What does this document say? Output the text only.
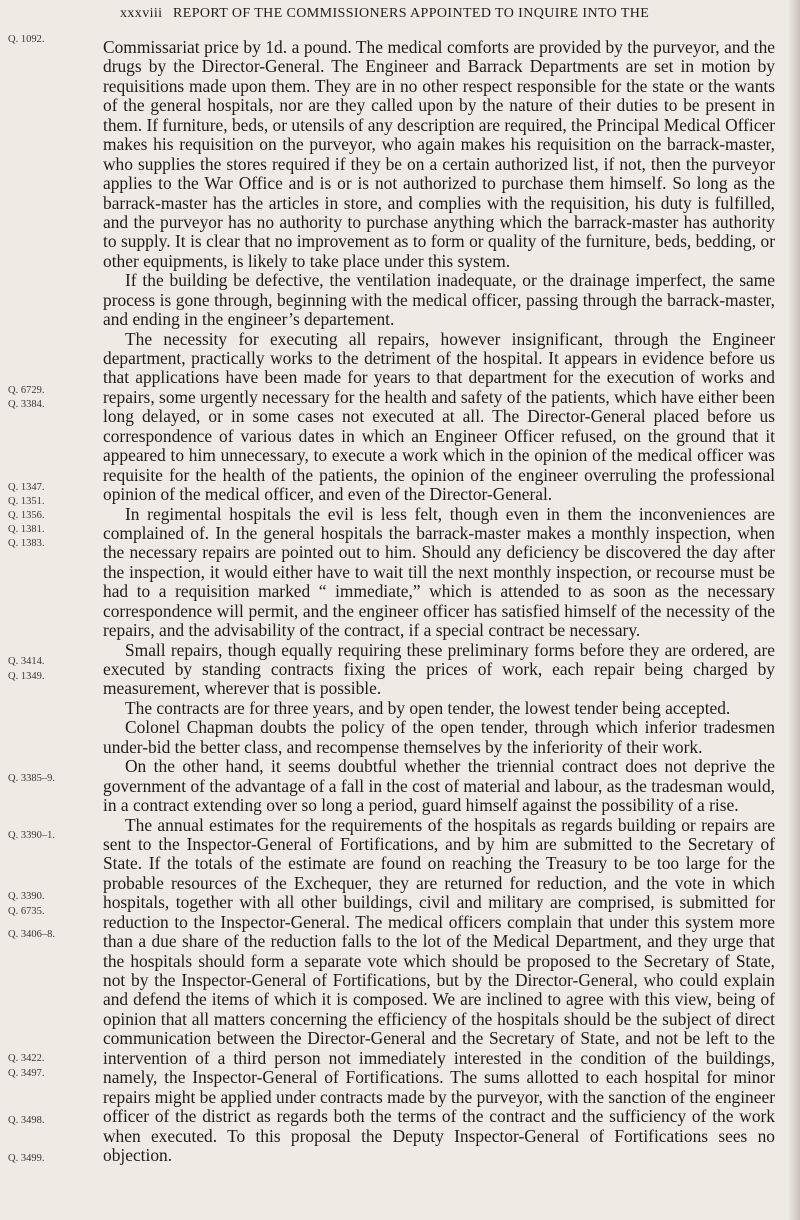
xxxviii REPORT OF THE COMMISSIONERS APPOINTED TO INQUIRE INTO THE
Q. 1092.
Q. 6729.
Q. 3384.
Q. 1347.
Q. 1351.
Q. 1356.
Q. 1381.
Q. 1383.
Q. 3414.
Q. 1349.
Q. 3385–9.
Q. 3390–1.
Q. 3390.
Q. 6735.
Q. 3406–8.
Q. 3422.
Q. 3497.
Q. 3498.
Q. 3499.

Commissariat price by 1d. a pound. The medical comforts are provided by the purveyor, and the drugs by the Director-General. The Engineer and Barrack Departments are set in motion by requisitions made upon them. They are in no other respect responsible for the state or the wants of the general hospitals, nor are they called upon by the nature of their duties to be present in them. If furniture, beds, or utensils of any description are required, the Principal Medical Officer makes his requisition on the purveyor, who again makes his requisition on the barrack-master, who supplies the stores required if they be on a certain authorized list, if not, then the purveyor applies to the War Office and is or is not authorized to purchase them himself. So long as the barrack-master has the articles in store, and complies with the requisition, his duty is fulfilled, and the purveyor has no authority to purchase anything which the barrack-master has authority to supply. It is clear that no improvement as to form or quality of the furniture, beds, bedding, or other equipments, is likely to take place under this system.

If the building be defective, the ventilation inadequate, or the drainage imperfect, the same process is gone through, beginning with the medical officer, passing through the barrack-master, and ending in the engineer’s departement.

The necessity for executing all repairs, however insignificant, through the Engineer department, practically works to the detriment of the hospital. It appears in evidence before us that applications have been made for years to that department for the execution of works and repairs, some urgently necessary for the health and safety of the patients, which have either been long delayed, or in some cases not executed at all. The Director-General placed before us correspondence of various dates in which an Engineer Officer refused, on the ground that it appeared to him unnecessary, to execute a work which in the opinion of the medical officer was requisite for the health of the patients, the opinion of the engineer overruling the professional opinion of the medical officer, and even of the Director-General.

In regimental hospitals the evil is less felt, though even in them the inconveniences are complained of. In the general hospitals the barrack-master makes a monthly inspection, when the necessary repairs are pointed out to him. Should any deficiency be discovered the day after the inspection, it would either have to wait till the next monthly inspection, or recourse must be had to a requisition marked “ immediate,” which is attended to as soon as the necessary correspondence will permit, and the engineer officer has satisfied himself of the necessity of the repairs, and the advisability of the contract, if a special contract be necessary.

Small repairs, though equally requiring these preliminary forms before they are ordered, are executed by standing contracts fixing the prices of work, each repair being charged by measurement, wherever that is possible.

The contracts are for three years, and by open tender, the lowest tender being accepted.

Colonel Chapman doubts the policy of the open tender, through which inferior tradesmen under-bid the better class, and recompense themselves by the inferiority of their work.

On the other hand, it seems doubtful whether the triennial contract does not deprive the government of the advantage of a fall in the cost of material and labour, as the tradesman would, in a contract extending over so long a period, guard himself against the possibility of a rise.

The annual estimates for the requirements of the hospitals as regards building or repairs are sent to the Inspector-General of Fortifications, and by him are submitted to the Secretary of State. If the totals of the estimate are found on reaching the Treasury to be too large for the probable resources of the Exchequer, they are returned for reduction, and the vote in which hospitals, together with all other buildings, civil and military are comprised, is submitted for reduction to the Inspector-General. The medical officers complain that under this system more than a due share of the reduction falls to the lot of the Medical Department, and they urge that the hospitals should form a separate vote which should be proposed to the Secretary of State, not by the Inspector-General of Fortifications, but by the Director-General, who could explain and defend the items of which it is composed. We are inclined to agree with this view, being of opinion that all matters concerning the efficiency of the hospitals should be the subject of direct communication between the Director-General and the Secretary of State, and not be left to the intervention of a third person not immediately interested in the condition of the buildings, namely, the Inspector-General of Fortifications. The sums allotted to each hospital for minor repairs might be applied under contracts made by the purveyor, with the sanction of the engineer officer of the district as regards both the terms of the contract and the sufficiency of the work when executed. To this proposal the Deputy Inspector-General of Fortifications sees no objection.
